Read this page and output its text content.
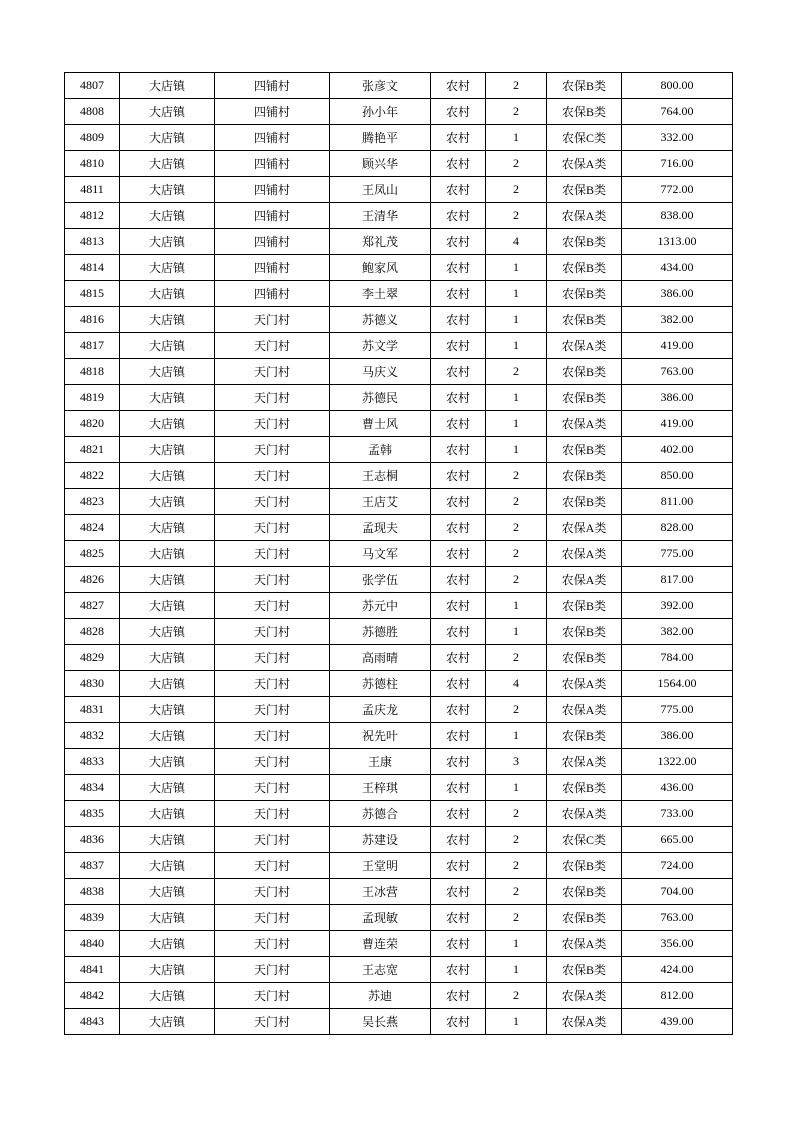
4807	大店镇	四铺村	张彦文	农村	2	农保B类	800.00
4808	大店镇	四铺村	孙小年	农村	2	农保B类	764.00
4809	大店镇	四铺村	腾艳平	农村	1	农保C类	332.00
4810	大店镇	四铺村	顾兴华	农村	2	农保A类	716.00
4811	大店镇	四铺村	王凤山	农村	2	农保B类	772.00
4812	大店镇	四铺村	王清华	农村	2	农保A类	838.00
4813	大店镇	四铺村	郑礼茂	农村	4	农保B类	1313.00
4814	大店镇	四铺村	鲍家风	农村	1	农保B类	434.00
4815	大店镇	四铺村	李土翠	农村	1	农保B类	386.00
4816	大店镇	天门村	苏德义	农村	1	农保B类	382.00
4817	大店镇	天门村	苏文学	农村	1	农保A类	419.00
4818	大店镇	天门村	马庆义	农村	2	农保B类	763.00
4819	大店镇	天门村	苏德民	农村	1	农保B类	386.00
4820	大店镇	天门村	曹士风	农村	1	农保A类	419.00
4821	大店镇	天门村	孟韩	农村	1	农保B类	402.00
4822	大店镇	天门村	王志桐	农村	2	农保B类	850.00
4823	大店镇	天门村	王店艾	农村	2	农保B类	811.00
4824	大店镇	天门村	孟现夫	农村	2	农保A类	828.00
4825	大店镇	天门村	马文军	农村	2	农保A类	775.00
4826	大店镇	天门村	张学伍	农村	2	农保A类	817.00
4827	大店镇	天门村	苏元中	农村	1	农保B类	392.00
4828	大店镇	天门村	苏德胜	农村	1	农保B类	382.00
4829	大店镇	天门村	高雨晴	农村	2	农保B类	784.00
4830	大店镇	天门村	苏德柱	农村	4	农保A类	1564.00
4831	大店镇	天门村	孟庆龙	农村	2	农保A类	775.00
4832	大店镇	天门村	祝先叶	农村	1	农保B类	386.00
4833	大店镇	天门村	王康	农村	3	农保A类	1322.00
4834	大店镇	天门村	王梓琪	农村	1	农保B类	436.00
4835	大店镇	天门村	苏德合	农村	2	农保A类	733.00
4836	大店镇	天门村	苏建设	农村	2	农保C类	665.00
4837	大店镇	天门村	王堂明	农村	2	农保B类	724.00
4838	大店镇	天门村	王冰营	农村	2	农保B类	704.00
4839	大店镇	天门村	孟现敏	农村	2	农保B类	763.00
4840	大店镇	天门村	曹连荣	农村	1	农保A类	356.00
4841	大店镇	天门村	王志宽	农村	1	农保B类	424.00
4842	大店镇	天门村	苏迪	农村	2	农保A类	812.00
4843	大店镇	天门村	吴长燕	农村	1	农保A类	439.00
